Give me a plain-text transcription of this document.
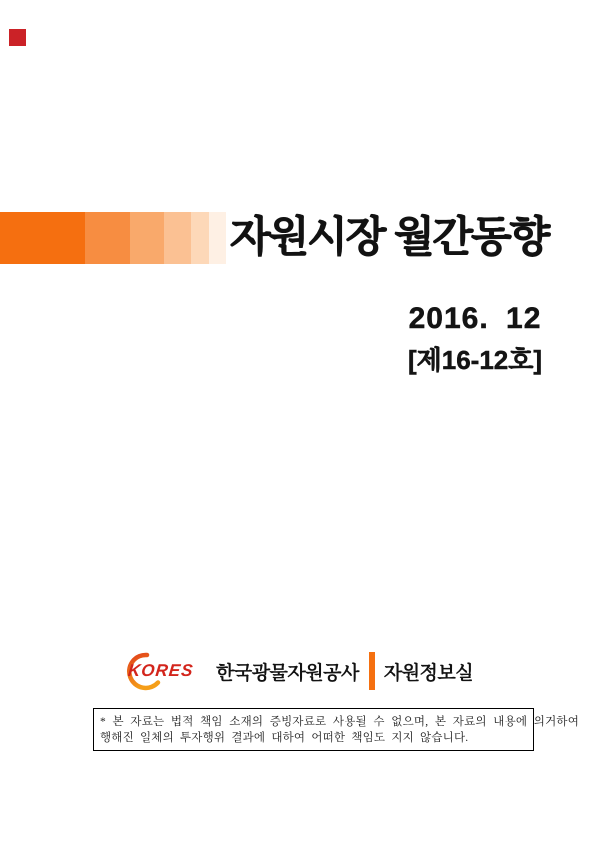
자원시장 월간동향
2016. 12
[제16-12호]
KORES 한국광물자원공사 자원정보실
* 본 자료는 법적 책임 소재의 증빙자료로 사용될 수 없으며, 본 자료의 내용에 의거하여
행해진 일체의 투자행위 결과에 대하여 어떠한 책임도 지지 않습니다.
